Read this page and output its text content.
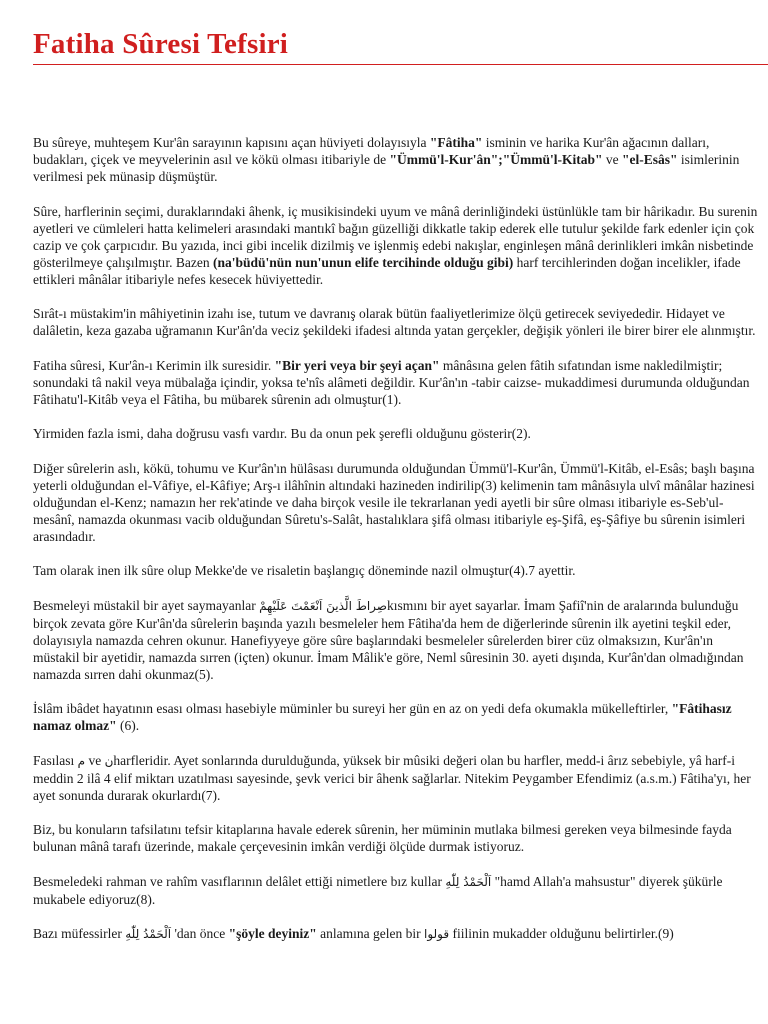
Fatiha Sûresi Tefsiri

Bu sûreye, muhteşem Kur'ân sarayının kapısını açan hüviyeti dolayısıyla "Fâtiha" isminin ve harika Kur'ân ağacının dalları, budakları, çiçek ve meyvelerinin asıl ve kökü olması itibariyle de "Ümmü'l-Kur'ân";"Ümmü'l-Kitab" ve "el-Esâs" isimlerinin verilmesi pek münasip düşmüştür.

Sûre, harflerinin seçimi, duraklarındaki âhenk, iç musikisindeki uyum ve mânâ derinliğindeki üstünlükle tam bir hârikadır. Bu surenin ayetleri ve cümleleri hatta kelimeleri arasındaki mantıkî bağın güzelliği dikkatle takip ederek elle tutulur şekilde fark edenler için çok cazip ve çok çarpıcıdır. Bu yazıda, inci gibi incelik dizilmiş ve işlenmiş edebi nakışlar, enginleşen mânâ derinlikleri imkân nisbetinde gösterilmeye çalışılmıştır. Bazen (na'büdü'nün nun'unun elife tercihinde olduğu gibi) harf tercihlerinden doğan incelikler, ifade ettikleri mânâlar itibariyle nefes kesecek hüviyettedir.

Sırât-ı müstakim'in mâhiyetinin izahı ise, tutum ve davranış olarak bütün faaliyetlerimize ölçü getirecek seviyededir. Hidayet ve dalâletin, keza gazaba uğramanın Kur'ân'da veciz şekildeki ifadesi altında yatan gerçekler, değişik yönleri ile birer birer ele alınmıştır.

Fatiha sûresi, Kur'ân-ı Kerimin ilk suresidir. "Bir yeri veya bir şeyi açan" mânâsına gelen fâtih sıfatından isme nakledilmiştir; sonundaki tâ nakil veya mübalağa içindir, yoksa te'nîs alâmeti değildir. Kur'ân'ın -tabir caizse- mukaddimesi durumunda olduğundan Fâtihatu'l-Kitâb veya el Fâtiha, bu mübarek sûrenin adı olmuştur(1).

Yirmiden fazla ismi, daha doğrusu vasfı vardır. Bu da onun pek şerefli olduğunu gösterir(2).

Diğer sûrelerin aslı, kökü, tohumu ve Kur'ân'ın hülâsası durumunda olduğundan Ümmü'l-Kur'ân, Ümmü'l-Kitâb, el-Esâs; başlı başına yeterli olduğundan el-Vâfiye, el-Kâfiye; Arş-ı ilâhînin altındaki hazineden indirilip(3) kelimenin tam mânâsıyla ulvî mânâlar hazinesi olduğundan el-Kenz; namazın her rek'atinde ve daha birçok vesile ile tekrarlanan yedi ayetli bir sûre olması itibariyle es-Seb'ul-mesânî, namazda okunması vacib olduğundan Sûretu's-Salât, hastalıklara şifâ olması itibariyle eş-Şifâ, eş-Şâfiye bu sûrenin isimleri arasındadır.

Tam olarak inen ilk sûre olup Mekke'de ve risaletin başlangıç döneminde nazil olmuştur(4).7 ayettir.

Besmeleyi müstakil bir ayet saymayanlar صِراطَ الَّذينَ اَنْعَمْتَ عَلَيْهِمْkısmını bir ayet sayarlar. İmam Şafiî'nin de aralarında bulunduğu birçok zevata göre Kur'ân'da sûrelerin başında yazılı besmeleler hem Fâtiha'da hem de diğerlerinde sûrenin ilk ayetini teşkil eder, dolayısıyla namazda cehren okunur. Hanefiyyeye göre sûre başlarındaki besmeleler sûrelerden birer cüz olmaksızın, Kur'ân'ın müstakil bir ayetidir, namazda sırren (içten) okunur. İmam Mâlik'e göre, Neml sûresinin 30. ayeti dışında, Kur'ân'dan olmadığından namazda sırren dahi okunmaz(5).

İslâm ibâdet hayatının esası olması hasebiyle müminler bu sureyi her gün en az on yedi defa okumakla mükelleftirler, "Fâtihasız namaz olmaz" (6).

Fasılası م ve نharfleridir. Ayet sonlarında durulduğunda, yüksek bir mûsiki değeri olan bu harfler, medd-i ârız sebebiyle, yâ harf-i meddin 2 ilâ 4 elif miktarı uzatılması sayesinde, şevk verici bir âhenk sağlarlar. Nitekim Peygamber Efendimiz (a.s.m.) Fâtiha'yı, her ayet sonunda durarak okurlardı(7).

Biz, bu konuların tafsilatını tefsir kitaplarına havale ederek sûrenin, her müminin mutlaka bilmesi gereken veya bilmesinde fayda bulunan mânâ tarafı üzerinde, makale çerçevesinin imkân verdiği ölçüde durmak istiyoruz.

Besmeledeki rahman ve rahîm vasıflarının delâlet ettiği nimetlere bız kullar اَلْحَمْدُ لِلّٰهِ "hamd Allah'a mahsustur" diyerek şükürle mukabele ediyoruz(8).

Bazı müfessirler اَلْحَمْدُ لِلّٰهِ 'dan önce "şöyle deyiniz" anlamına gelen bir قولوا fiilinin mukadder olduğunu belirtirler.(9)
